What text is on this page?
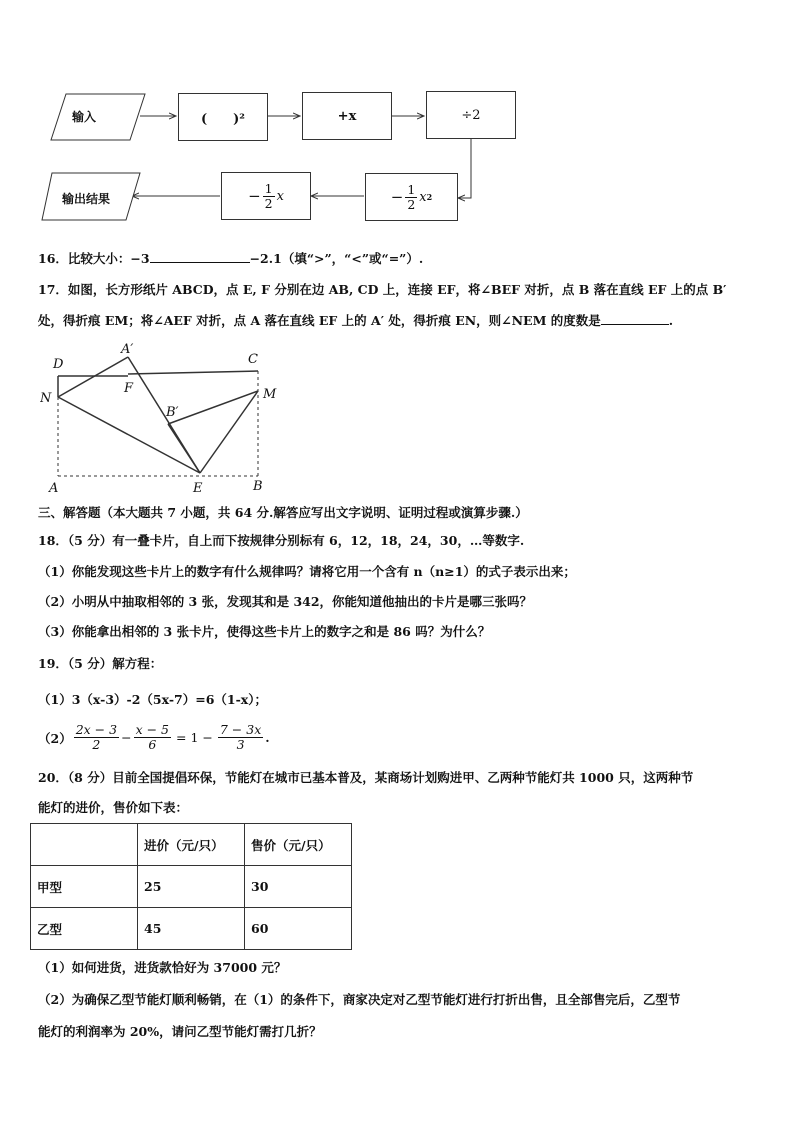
输入	(　　)²	+x	÷2
− $\frac{1}{2}$ x 2
− $\frac{1}{2}$ x
输出结果
16．比较大小：−3	−2.1（填“>”，“<”或“=”）.
17．如图，长方形纸片 ABCD，点 E, F 分别在边 AB, CD 上，连接 EF，将∠BEF 对折，点 B 落在直线 EF 上的点 B′
处，得折痕 EM；将∠AEF 对折，点 A 落在直线 EF 上的 A′ 处，得折痕 EN，则∠NEM 的度数是	.
D
A′
C
F
N	M
B′
A	E	B
三、解答题（本大题共 7 小题，共 64 分.解答应写出文字说明、证明过程或演算步骤.）
18．（5 分）有一叠卡片，自上而下按规律分别标有 6，12，18，24，30，…等数字.
（1）你能发现这些卡片上的数字有什么规律吗？请将它用一个含有 n（n≥1）的式子表示出来；
（2）小明从中抽取相邻的 3 张，发现其和是 342，你能知道他抽出的卡片是哪三张吗？
（3）你能拿出相邻的 3 张卡片，使得这些卡片上的数字之和是 86 吗？为什么？
19．（5 分）解方程：
（1）3（x-3）-2（5x-7）=6（1-x）；
$(2) \frac{2x - 3}{2} - \frac{x - 5}{6} = 1 - \frac{7 - 3x}{3}$ .
20．（8 分）目前全国提倡环保，节能灯在城市已基本普及，某商场计划购进甲、乙两种节能灯共 1000 只，这两种节
能灯的进价，售价如下表：
	进价（元/只）	售价（元/只）
甲型	25	30
乙型	45	60
（1）如何进货，进货款恰好为 37000 元？
（2）为确保乙型节能灯顺利畅销，在（1）的条件下，商家决定对乙型节能灯进行打折出售，且全部售完后，乙型节
能灯的利润率为 20%，请问乙型节能灯需打几折？
